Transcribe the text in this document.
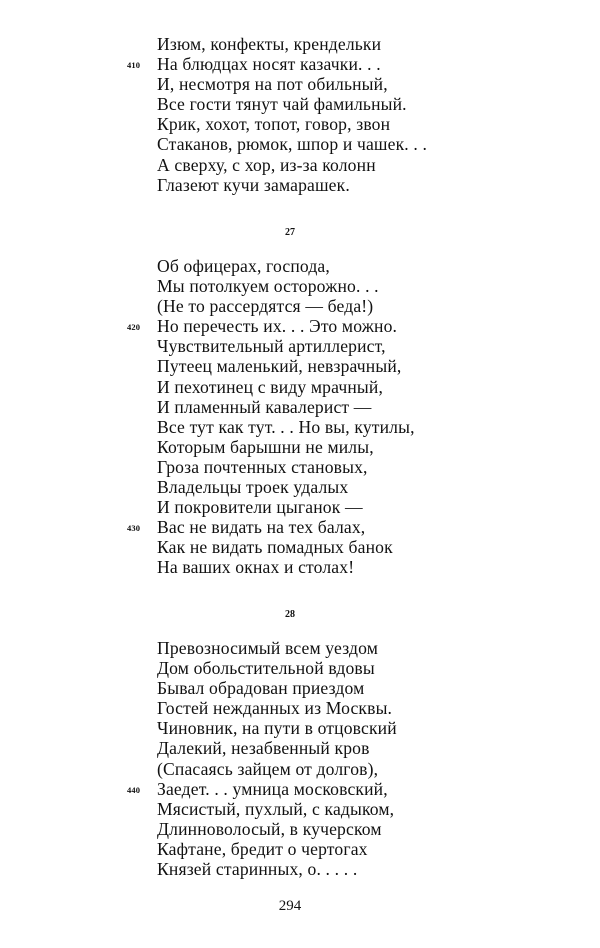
Изюм, конфекты, крендельки
На блюдцах носят казачки. . .
410
И, несмотря на пот обильный,
Все гости тянут чай фамильный.
Крик, хохот, топот, говор, звон
Стаканов, рюмок, шпор и чашек. . .
А сверху, с хор, из-за колонн
Глазеют кучи замарашек.
27
Об офицерах, господа,
Мы потолкуем осторожно. . .
(Не то рассердятся — беда!)
Но перечесть их. . . Это можно.
420
Чувствительный артиллерист,
Путеец маленький, невзрачный,
И пехотинец с виду мрачный,
И пламенный кавалерист —
Все тут как тут. . . Но вы, кутилы,
Которым барышни не милы,
Гроза почтенных становых,
Владельцы троек удалых
И покровители цыганок —
Вас не видать на тех балах,
430
Как не видать помадных банок
На ваших окнах и столах!
28
Превозносимый всем уездом
Дом обольстительной вдовы
Бывал обрадован приездом
Гостей нежданных из Москвы.
Чиновник, на пути в отцовский
Далекий, незабвенный кров
(Спасаясь зайцем от долгов),
Заедет. . . умница московский,
440
Мясистый, пухлый, с кадыком,
Длинноволосый, в кучерском
Кафтане, бредит о чертогах
Князей старинных, о. . . . .
294
